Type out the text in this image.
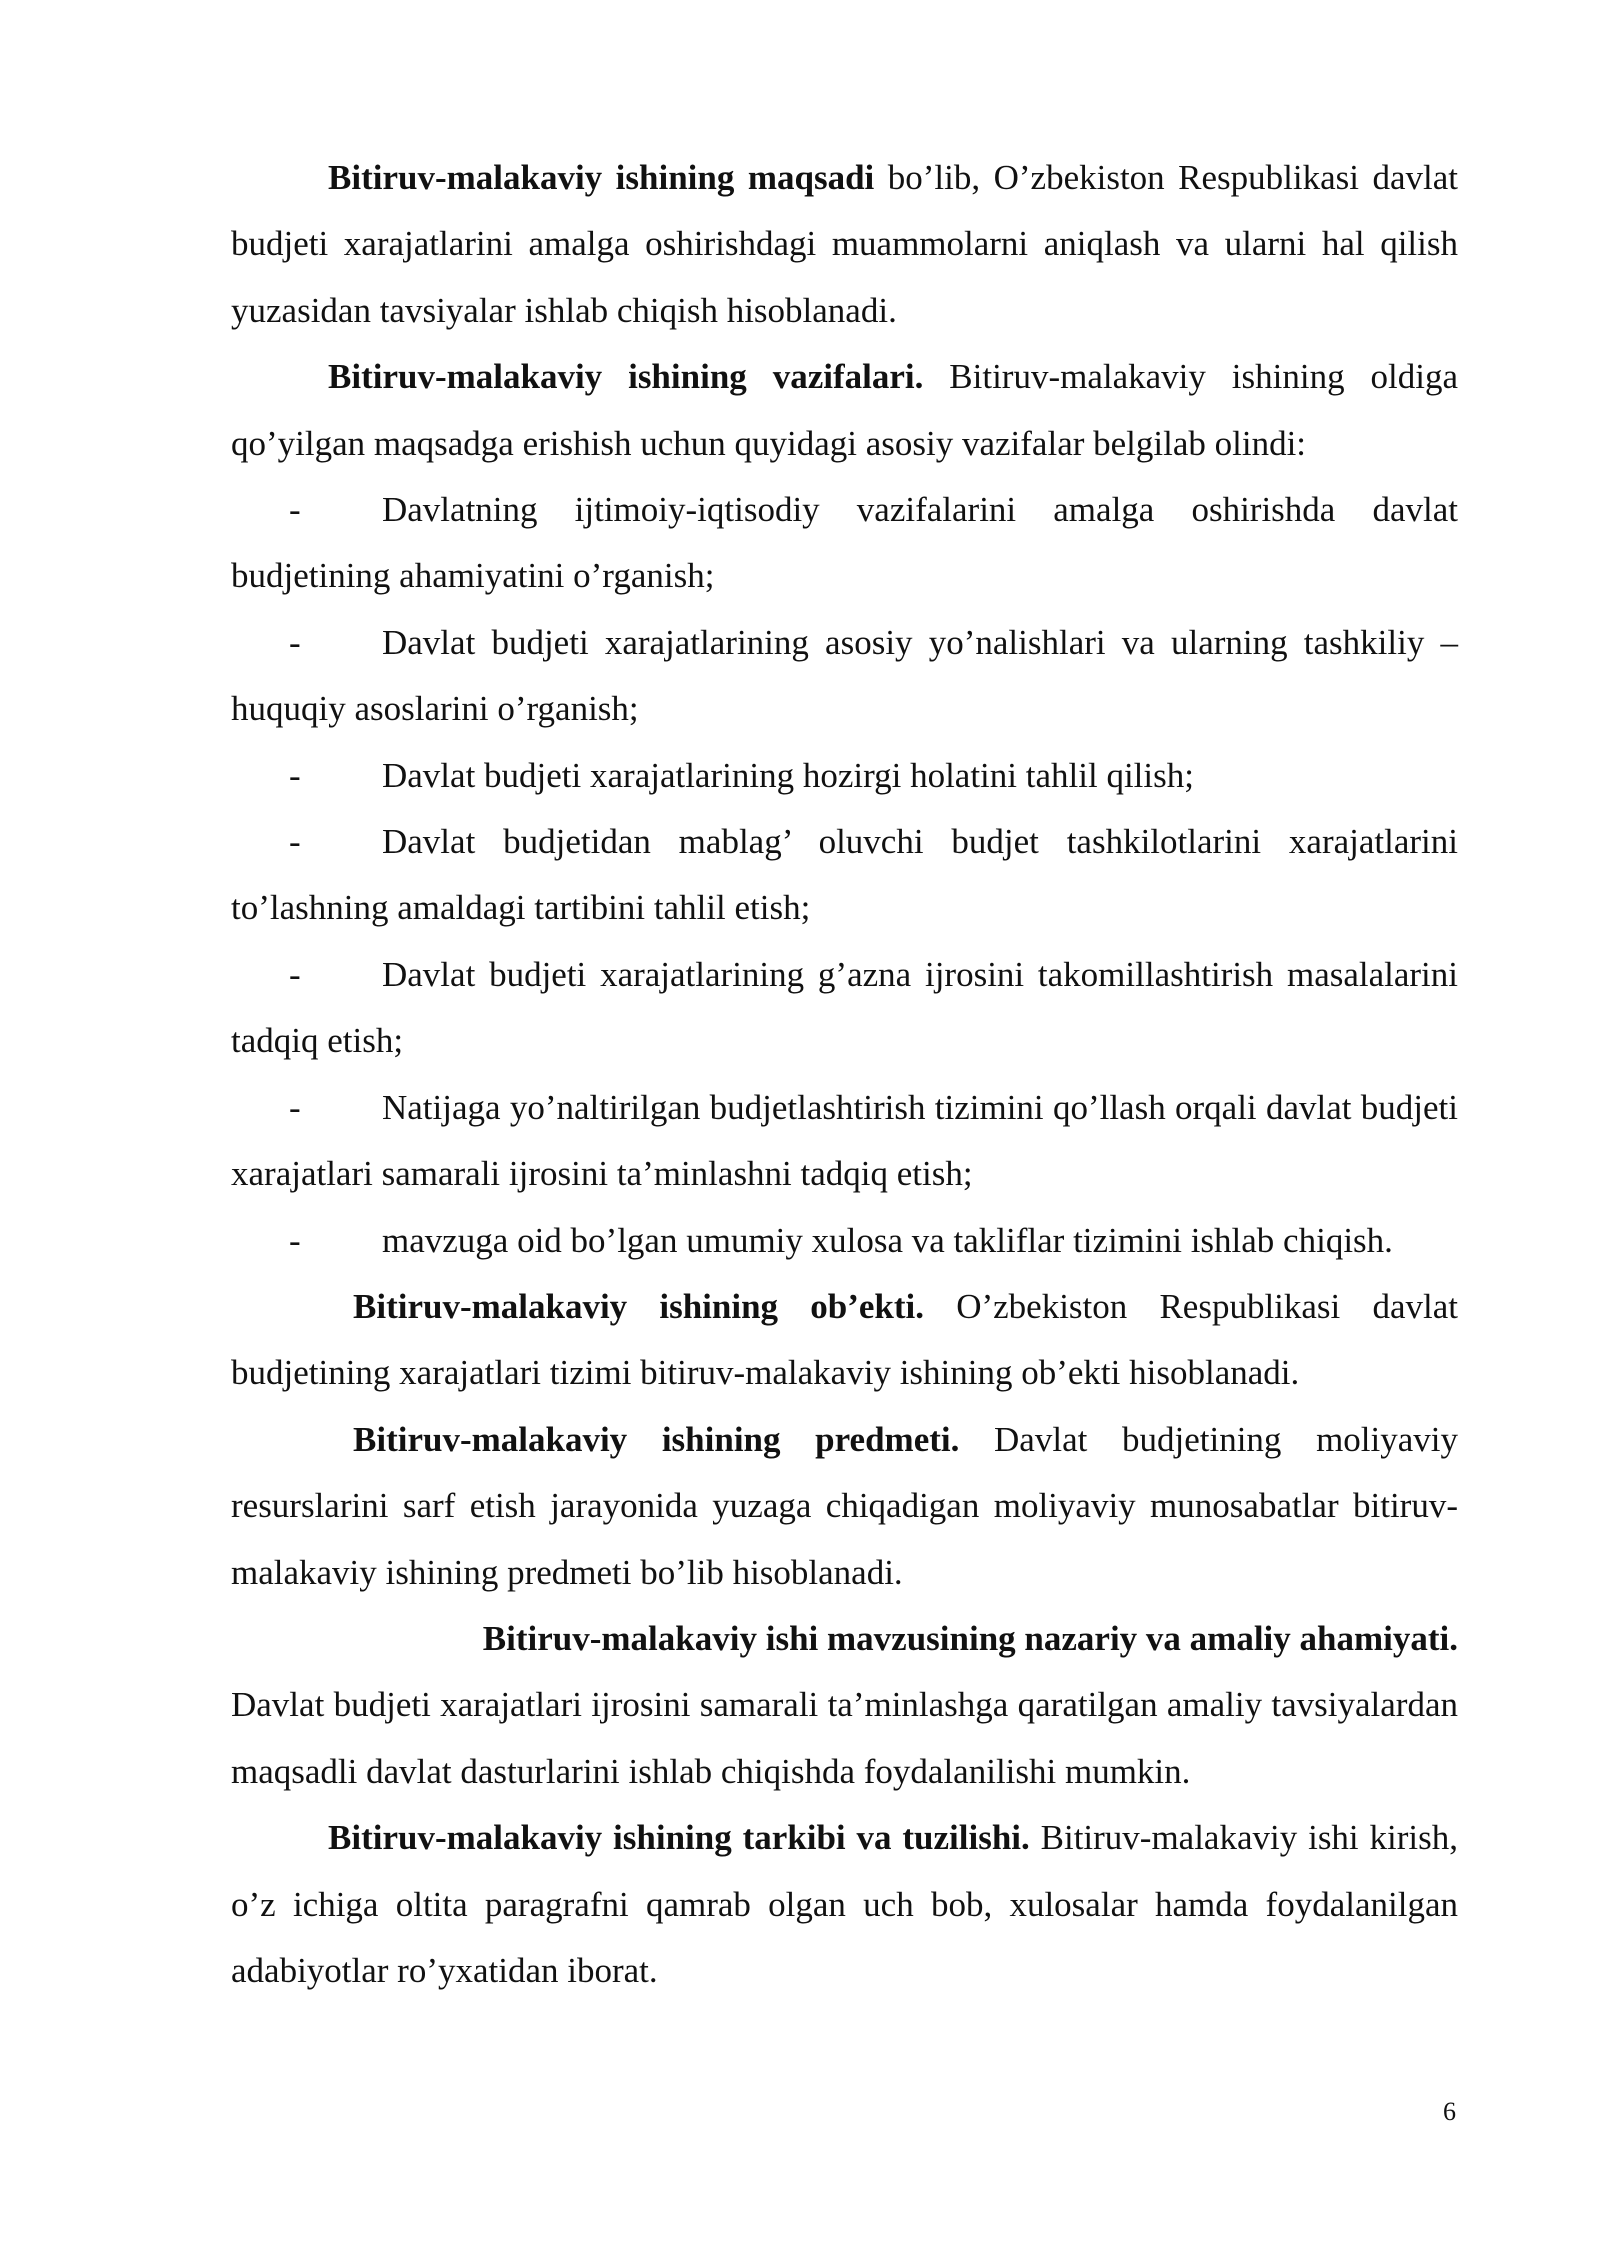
Bitiruv-malakaviy ishining maqsadi bo’lib, O’zbekiston Respublikasi davlat budjeti xarajatlarini amalga oshirishdagi muammolarni aniqlash va ularni hal qilish yuzasidan tavsiyalar ishlab chiqish hisoblanadi.

Bitiruv-malakaviy ishining vazifalari. Bitiruv-malakaviy ishining oldiga qo’yilgan maqsadga erishish uchun quyidagi asosiy vazifalar belgilab olindi:

- Davlatning ijtimoiy-iqtisodiy vazifalarini amalga oshirishda davlat budjetining ahamiyatini o’rganish;

- Davlat budjeti xarajatlarining asosiy yo’nalishlari va ularning tashkiliy – huquqiy asoslarini o’rganish;

- Davlat budjeti xarajatlarining hozirgi holatini tahlil qilish;

- Davlat budjetidan mablag’ oluvchi budjet tashkilotlarini xarajatlarini to’lashning amaldagi tartibini tahlil etish;

- Davlat budjeti xarajatlarining g’azna ijrosini takomillashtirish masalalarini tadqiq etish;

- Natijaga yo’naltirilgan budjetlashtirish tizimini qo’llash orqali davlat budjeti xarajatlari samarali ijrosini ta’minlashni tadqiq etish;

- mavzuga oid bo’lgan umumiy xulosa va takliflar tizimini ishlab chiqish.

Bitiruv-malakaviy ishining ob’ekti. O’zbekiston Respublikasi davlat budjetining xarajatlari tizimi bitiruv-malakaviy ishining ob’ekti hisoblanadi.

Bitiruv-malakaviy ishining predmeti. Davlat budjetining moliyaviy resurslarini sarf etish jarayonida yuzaga chiqadigan moliyaviy munosabatlar bitiruv-malakaviy ishining predmeti bo’lib hisoblanadi.

Bitiruv-malakaviy ishi mavzusining nazariy va amaliy ahamiyati.

Davlat budjeti xarajatlari ijrosini samarali ta’minlashga qaratilgan amaliy tavsiyalardan maqsadli davlat dasturlarini ishlab chiqishda foydalanilishi mumkin.

Bitiruv-malakaviy ishining tarkibi va tuzilishi. Bitiruv-malakaviy ishi kirish, o’z ichiga oltita paragrafni qamrab olgan uch bob, xulosalar hamda foydalanilgan adabiyotlar ro’yxatidan iborat.

6
